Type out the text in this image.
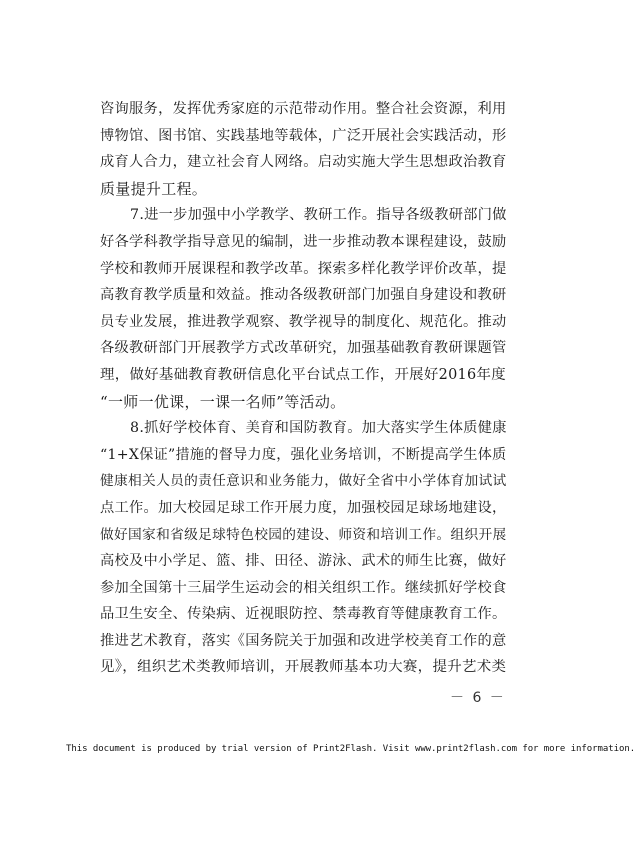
咨询服务，发挥优秀家庭的示范带动作用。整合社会资源，利用
博物馆、图书馆、实践基地等载体，广泛开展社会实践活动，形
成育人合力，建立社会育人网络。启动实施大学生思想政治教育
质量提升工程。
7.进一步加强中小学教学、教研工作。指导各级教研部门做
好各学科教学指导意见的编制，进一步推动教本课程建设，鼓励
学校和教师开展课程和教学改革。探索多样化教学评价改革，提
高教育教学质量和效益。推动各级教研部门加强自身建设和教研
员专业发展，推进教学观察、教学视导的制度化、规范化。推动
各级教研部门开展教学方式改革研究，加强基础教育教研课题管
理，做好基础教育教研信息化平台试点工作，开展好2016年度
“一师一优课，一课一名师”等活动。
8.抓好学校体育、美育和国防教育。加大落实学生体质健康
“1+X保证”措施的督导力度，强化业务培训，不断提高学生体质
健康相关人员的责任意识和业务能力，做好全省中小学体育加试试
点工作。加大校园足球工作开展力度，加强校园足球场地建设，
做好国家和省级足球特色校园的建设、师资和培训工作。组织开展
高校及中小学足、篮、排、田径、游泳、武术的师生比赛，做好
参加全国第十三届学生运动会的相关组织工作。继续抓好学校食
品卫生安全、传染病、近视眼防控、禁毒教育等健康教育工作。
推进艺术教育，落实《国务院关于加强和改进学校美育工作的意
见》，组织艺术类教师培训，开展教师基本功大赛，提升艺术类
－ 6 －
This document is produced by trial version of Print2Flash. Visit www.print2flash.com for more information.
